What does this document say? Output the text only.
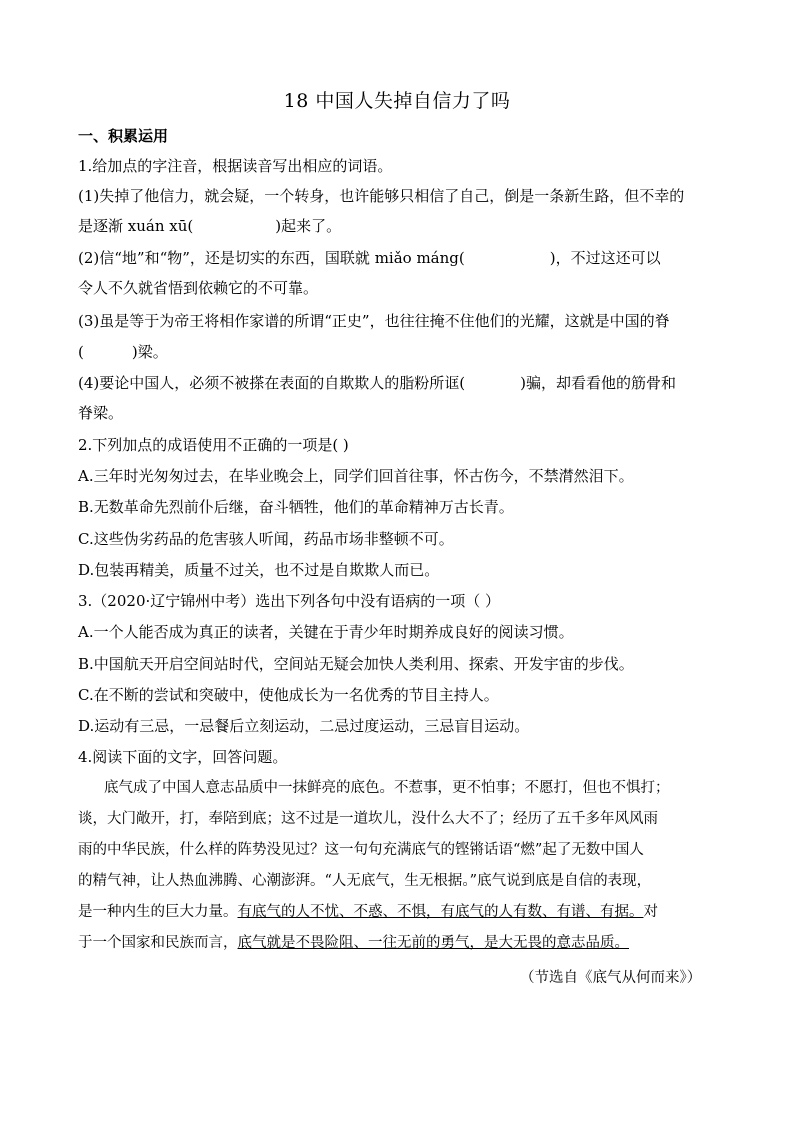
18 中国人失掉自信力了吗
一、积累运用
1.给加点的字注音，根据读音写出相应的词语。
(1)失掉了他信力，就会疑，一个转身，也许能够只相信了自己，倒是一条新生路，但不幸的
是逐渐 xuán xū(	)起来了。
(2)信“地”和“物”，还是切实的东西，国联就 miǎo máng(	)，不过这还可以
令人不久就省悟到依赖它的不可靠。
(3)虽是等于为帝王将相作家谱的所谓“正史”，也往往掩不住他们的光耀，这就是中国的脊
(	)梁。
(4)要论中国人，必须不被搽在表面的自欺欺人的脂粉所诓(	)骗，却看看他的筋骨和
脊梁。
2.下列加点的成语使用不正确的一项是( )
A.三年时光匆匆过去，在毕业晚会上，同学们回首往事，怀古伤今，不禁潸然泪下。
B.无数革命先烈前仆后继，奋斗牺牲，他们的革命精神万古长青。
C.这些伪劣药品的危害骇人听闻，药品市场非整顿不可。
D.包装再精美，质量不过关，也不过是自欺欺人而已。
3.（2020·辽宁锦州中考）选出下列各句中没有语病的一项（ ）
A.一个人能否成为真正的读者，关键在于青少年时期养成良好的阅读习惯。
B.中国航天开启空间站时代，空间站无疑会加快人类利用、探索、开发宇宙的步伐。
C.在不断的尝试和突破中，使他成长为一名优秀的节目主持人。
D.运动有三忌，一忌餐后立刻运动，二忌过度运动，三忌盲目运动。
4.阅读下面的文字，回答问题。
底气成了中国人意志品质中一抹鲜亮的底色。不惹事，更不怕事；不愿打，但也不惧打；
谈，大门敞开，打，奉陪到底；这不过是一道坎儿，没什么大不了；经历了五千多年风风雨
雨的中华民族，什么样的阵势没见过？这一句句充满底气的铿锵话语“燃”起了无数中国人
的精气神，让人热血沸腾、心潮澎湃。“人无底气，生无根据。”底气说到底是自信的表现，
是一种内生的巨大力量。有底气的人不忧、不惑、不惧，有底气的人有数、有谱、有据。对
于一个国家和民族而言，底气就是不畏险阻、一往无前的勇气，是大无畏的意志品质。
（节选自《底气从何而来》）
